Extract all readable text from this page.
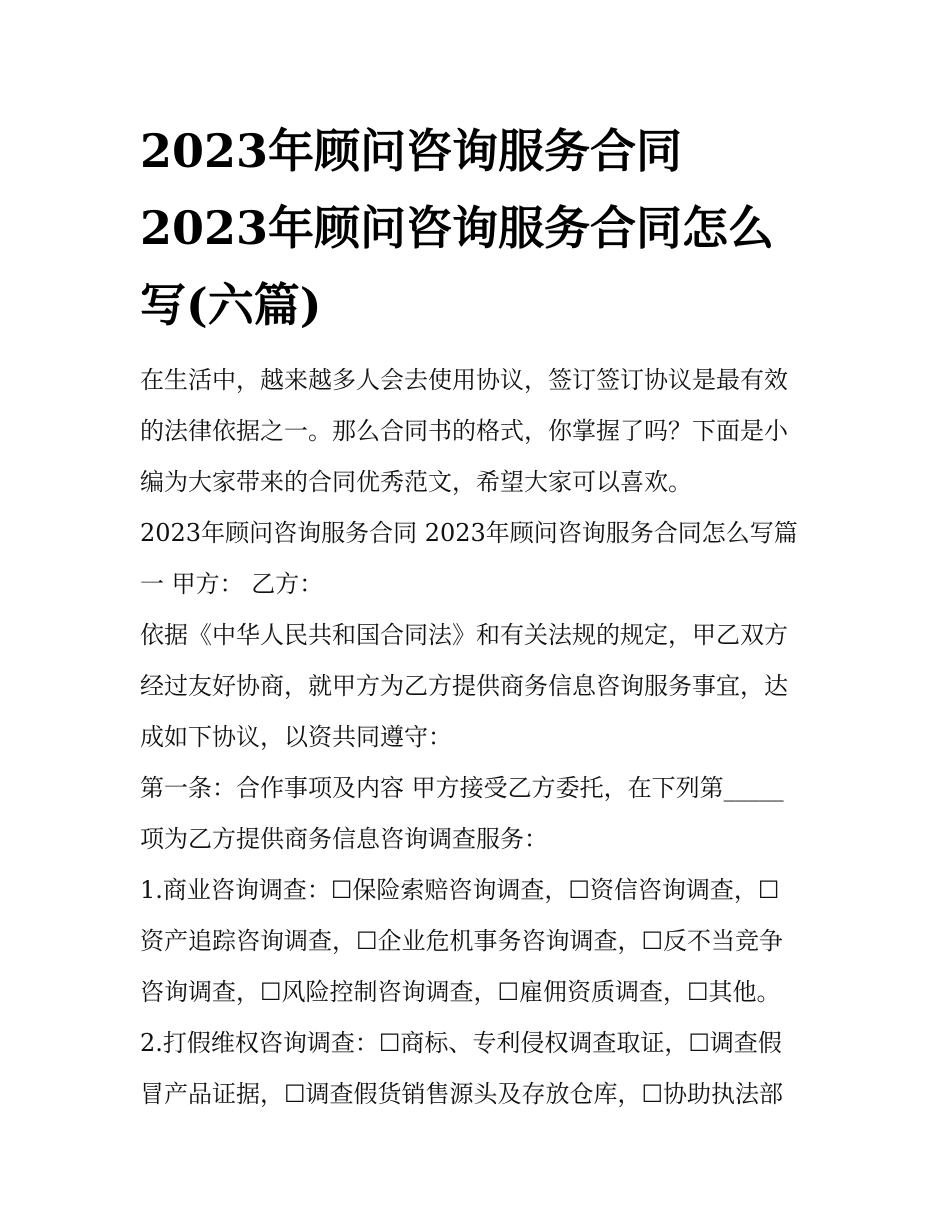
2023年顾问咨询服务合同

2023年顾问咨询服务合同怎么

写(六篇)

在生活中，越来越多人会去使用协议，签订签订协议是最有效
的法律依据之一。那么合同书的格式，你掌握了吗？下面是小
编为大家带来的合同优秀范文，希望大家可以喜欢。

2023年顾问咨询服务合同 2023年顾问咨询服务合同怎么写篇
一 甲方： 乙方：

依据《中华人民共和国合同法》和有关法规的规定，甲乙双方
经过友好协商，就甲方为乙方提供商务信息咨询服务事宜，达
成如下协议，以资共同遵守：

第一条：合作事项及内容 甲方接受乙方委托，在下列第_____
项为乙方提供商务信息咨询调查服务：

1.商业咨询调查：☐保险索赔咨询调查，☐资信咨询调查，☐
资产追踪咨询调查，☐企业危机事务咨询调查，☐反不当竞争
咨询调查，☐风险控制咨询调查，☐雇佣资质调查，☐其他。

2.打假维权咨询调查：☐商标、专利侵权调查取证，☐调查假
冒产品证据，☐调查假货销售源头及存放仓库，☐协助执法部
